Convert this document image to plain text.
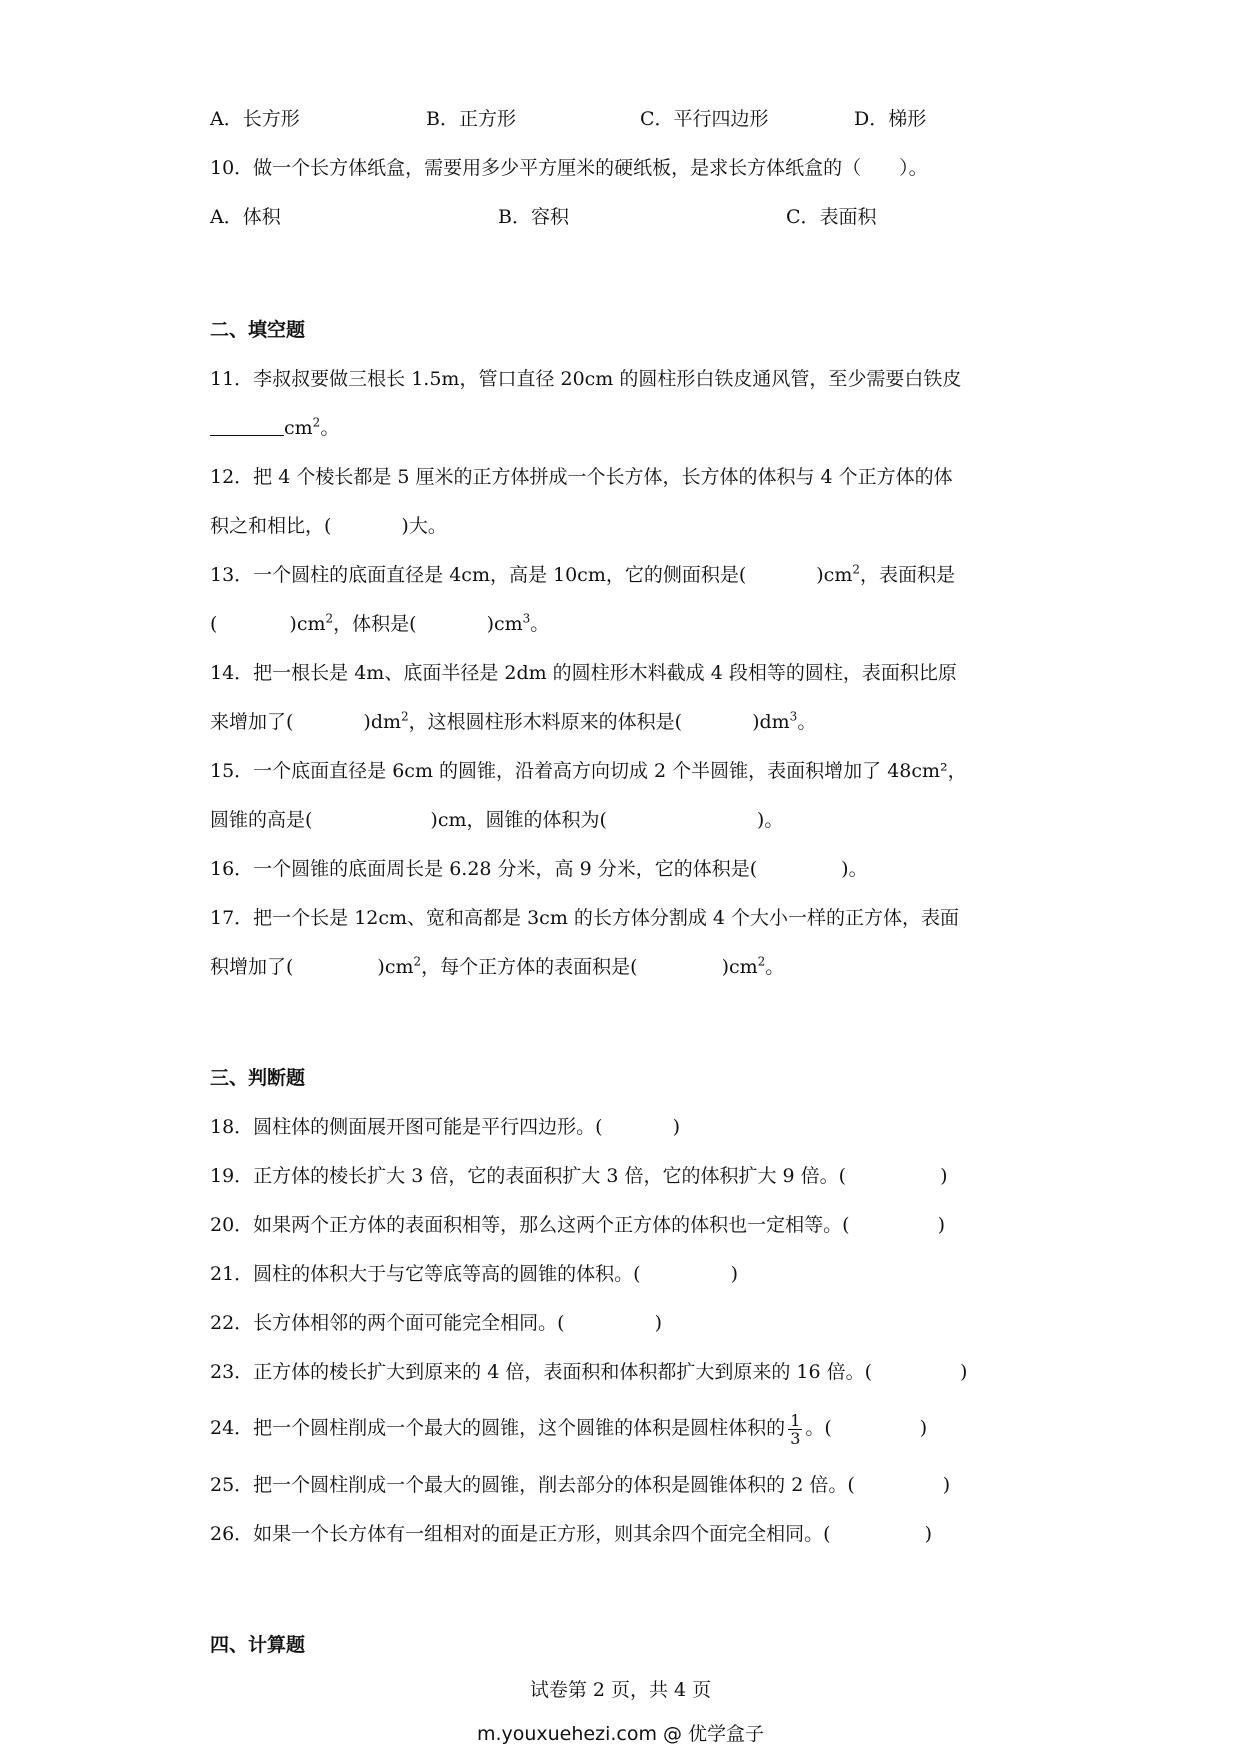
A．长方形	B．正方形	C．平行四边形	D．梯形
10．做一个长方体纸盒，需要用多少平方厘米的硬纸板，是求长方体纸盒的（　　）。
A．体积	B．容积	C．表面积
二、填空题
11．李叔叔要做三根长 1.5m，管口直径 20cm 的圆柱形白铁皮通风管，至少需要白铁皮
$cm^2$。
12．把 4 个棱长都是 5 厘米的正方体拼成一个长方体，长方体的体积与 4 个正方体的体
积之和相比，(	)大。
13．一个圆柱的底面直径是 4cm，高是 10cm，它的侧面积是(	)$cm^2$，表面积是
(	)$cm^2$，体积是(	)$cm^3$。
14．把一根长是 4m、底面半径是 2dm 的圆柱形木料截成 4 段相等的圆柱，表面积比原
来增加了(	)$dm^2$，这根圆柱形木料原来的体积是(	)$dm^3$。
15．一个底面直径是 6cm 的圆锥，沿着高方向切成 2 个半圆锥，表面积增加了 48cm²，
圆锥的高是(	)cm，圆锥的体积为(	)。
16．一个圆锥的底面周长是 6.28 分米，高 9 分米，它的体积是(	)。
17．把一个长是 12cm、宽和高都是 3cm 的长方体分割成 4 个大小一样的正方体，表面
积增加了(	)$cm^2$，每个正方体的表面积是(	)$cm^2$。
三、判断题
18．圆柱体的侧面展开图可能是平行四边形。(	)
19．正方体的棱长扩大 3 倍，它的表面积扩大 3 倍，它的体积扩大 9 倍。(	)
20．如果两个正方体的表面积相等，那么这两个正方体的体积也一定相等。(	)
21．圆柱的体积大于与它等底等高的圆锥的体积。(	)
22．长方体相邻的两个面可能完全相同。(	)
23．正方体的棱长扩大到原来的 4 倍，表面积和体积都扩大到原来的 16 倍。(	)
24．把一个圆柱削成一个最大的圆锥，这个圆锥的体积是圆柱体积的 $\frac{1}{3}$ 。(	)
25．把一个圆柱削成一个最大的圆锥，削去部分的体积是圆锥体积的 2 倍。(	)
26．如果一个长方体有一组相对的面是正方形，则其余四个面完全相同。(	)
四、计算题
试卷第 2 页，共 4 页
m.youxuehezi.com @ 优学盒子
